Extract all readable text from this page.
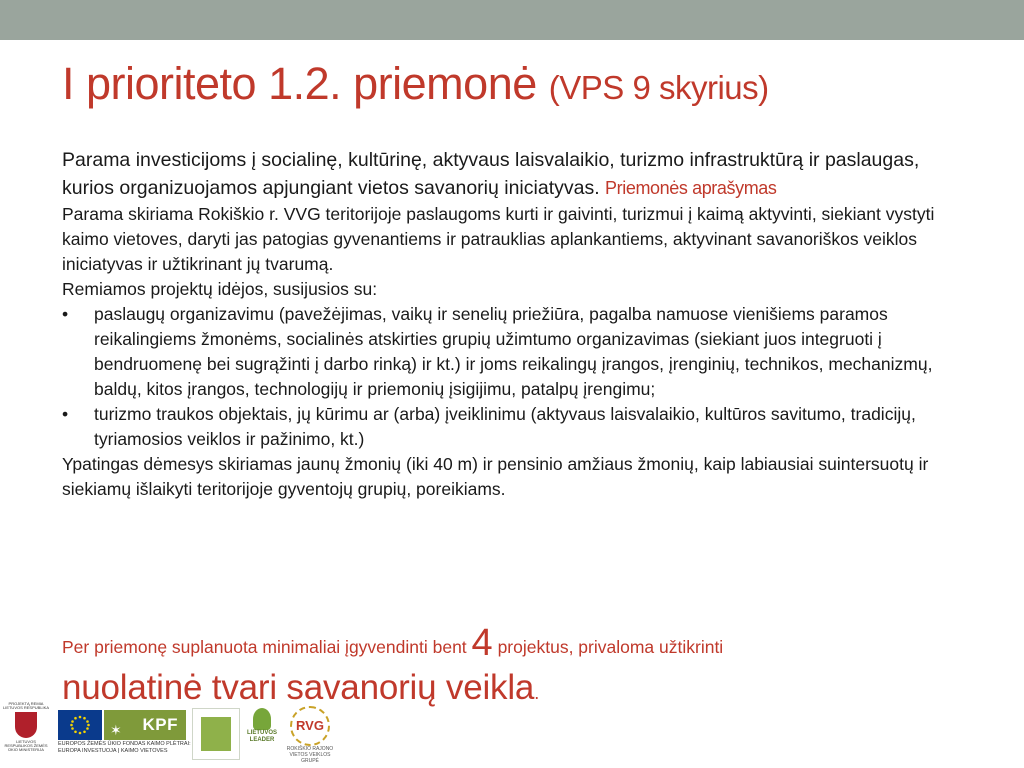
I prioriteto 1.2. priemonė (VPS 9 skyrius)

Parama investicijoms į socialinę, kultūrinę, aktyvaus laisvalaikio, turizmo infrastruktūrą ir paslaugas, kurios organizuojamos apjungiant vietos savanorių iniciatyvas. Priemonės aprašymas

Parama skiriama Rokiškio r. VVG teritorijoje paslaugoms kurti ir gaivinti, turizmui į kaimą aktyvinti, siekiant vystyti kaimo vietoves, daryti jas patogias gyvenantiems ir patrauklias aplankantiems, aktyvinant savanoriškos veiklos iniciatyvas ir užtikrinant jų tvarumą.

Remiamos projektų idėjos, susijusios su:

• paslaugų organizavimu (pavežėjimas, vaikų ir senelių priežiūra, pagalba namuose vienišiems paramos reikalingiems žmonėms, socialinės atskirties grupių užimtumo organizavimas (siekiant juos integruoti į bendruomenę bei sugrąžinti į darbo rinką) ir kt.) ir joms reikalingų įrangos, įrenginių, technikos, mechanizmų, baldų, kitos įrangos, technologijų ir priemonių įsigijimu, patalpų įrengimu;
• turizmo traukos objektais, jų kūrimu ar (arba) įveiklinimu (aktyvaus laisvalaikio, kultūros savitumo, tradicijų, tyriamosios veiklos ir pažinimo, kt.)

Ypatingas dėmesys skiriamas jaunų žmonių (iki 40 m) ir pensinio amžiaus žmonių, kaip labiausiai suintersuotų ir siekiamų išlaikyti teritorijoje gyventojų grupių, poreikiams.

Per priemonę suplanuota minimaliai įgyvendinti bent 4 projektus, privaloma užtikrinti
nuolatinė tvari savanorių veikla.
PROJEKTĄ REMIA LIETUVOS RESPUBLIKA
LIETUVOS RESPUBLIKOS ŽEMĖS ŪKIO MINISTERIJA
✶ KPF
EUROPOS ŽEMĖS ŪKIO FONDAS KAIMO PLĖTRAI:
EUROPA INVESTUOJA Į KAIMO VIETOVES
LIETUVOS LEADER
RVG
ROKIŠKIO RAJONO VIETOS VEIKLOS GRUPĖ
